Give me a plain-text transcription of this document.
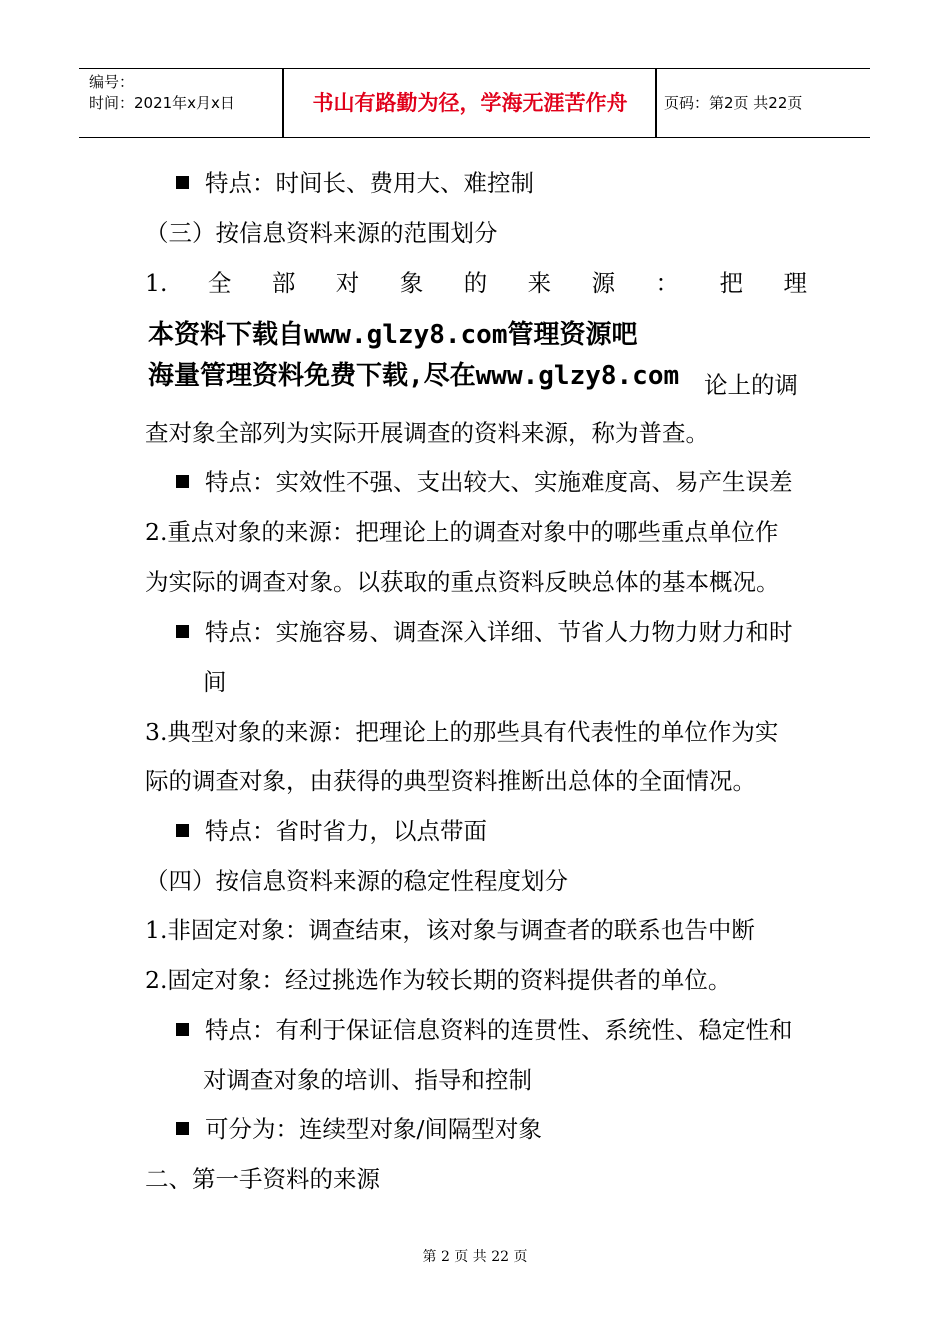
编号：
时间：2021年x月x日	书山有路勤为径，学海无涯苦作舟	页码：第2页 共22页
特点：时间长、费用大、难控制
（三）按信息资料来源的范围划分
1. 全 部 对 象 的 来 源 ： 把 理
本资料下载自www.glzy8.com管理资源吧
海量管理资料免费下载,尽在www.glzy8.com 论上的调
查对象全部列为实际开展调查的资料来源，称为普查。
特点：实效性不强、支出较大、实施难度高、易产生误差
2.重点对象的来源：把理论上的调查对象中的哪些重点单位作
为实际的调查对象。以获取的重点资料反映总体的基本概况。
特点：实施容易、调查深入详细、节省人力物力财力和时
间
3.典型对象的来源：把理论上的那些具有代表性的单位作为实
际的调查对象，由获得的典型资料推断出总体的全面情况。
特点：省时省力，以点带面
（四）按信息资料来源的稳定性程度划分
1.非固定对象：调查结束，该对象与调查者的联系也告中断
2.固定对象：经过挑选作为较长期的资料提供者的单位。
特点：有利于保证信息资料的连贯性、系统性、稳定性和
对调查对象的培训、指导和控制
可分为：连续型对象/间隔型对象
二、第一手资料的来源
第 2 页 共 22 页
